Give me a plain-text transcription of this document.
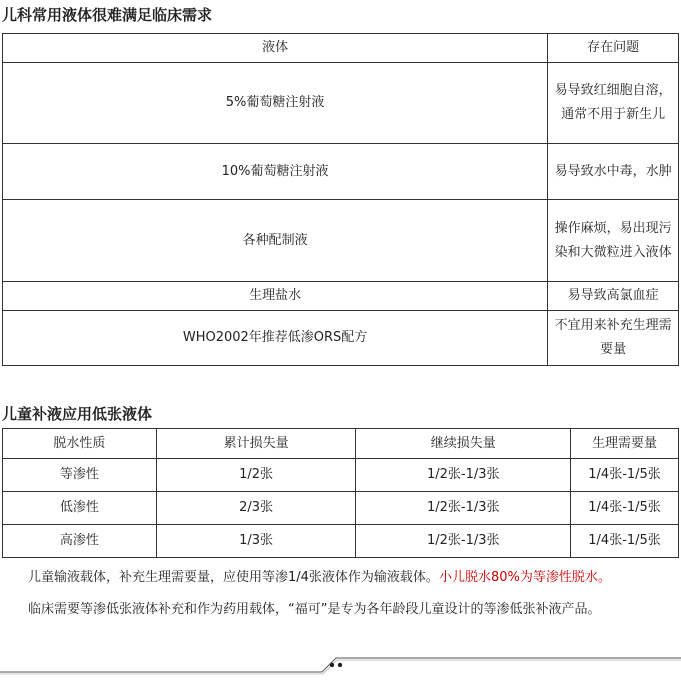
儿科常用液体很难满足临床需求
液体	存在问题
5%葡萄糖注射液	易导致红细胞自溶，通常不用于新生儿
10%葡萄糖注射液	易导致水中毒，水肿
各种配制液	操作麻烦，易出现污染和大微粒进入液体
生理盐水	易导致高氯血症
WHO2002年推荐低渗ORS配方	不宜用来补充生理需要量
儿童补液应用低张液体
脱水性质	累计损失量	继续损失量	生理需要量
等渗性	1/2张	1/2张-1/3张	1/4张-1/5张
低渗性	2/3张	1/2张-1/3张	1/4张-1/5张
高渗性	1/3张	1/2张-1/3张	1/4张-1/5张
儿童输液载体，补充生理需要量，应使用等渗1/4张液体作为输液载体。小儿脱水80%为等渗性脱水。
临床需要等渗低张液体补充和作为药用载体，“福可”是专为各年龄段儿童设计的等渗低张补液产品。
